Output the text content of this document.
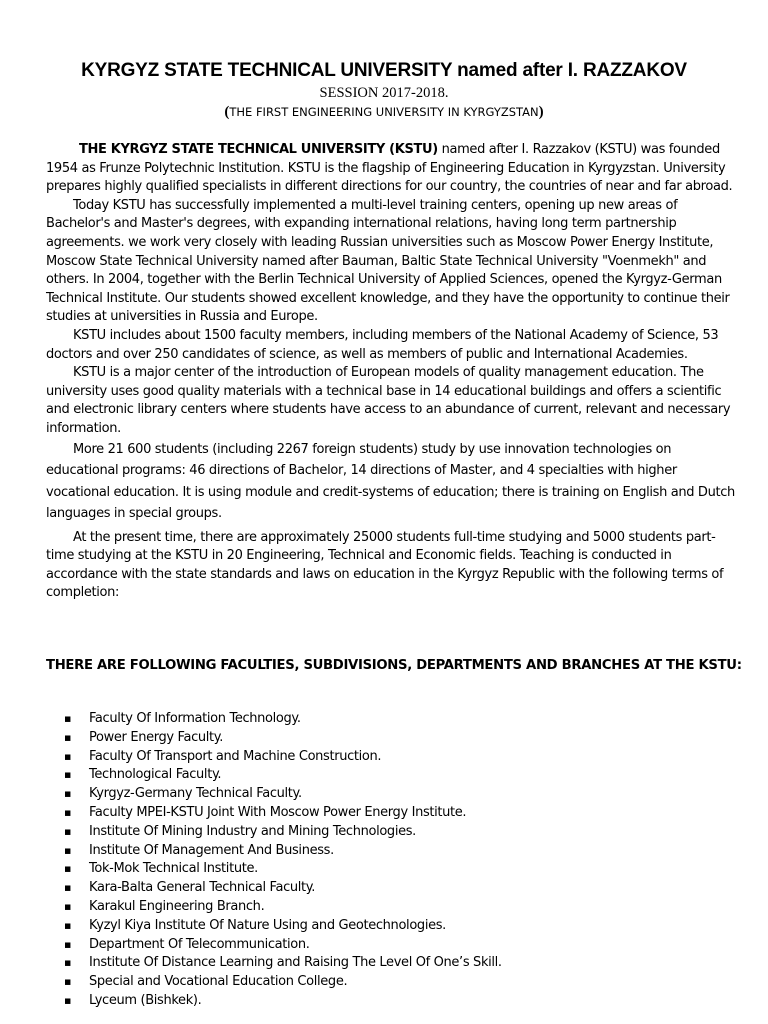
KYRGYZ STATE TECHNICAL UNIVERSITY named after I. RAZZAKOV
SESSION 2017-2018.
(THE FIRST ENGINEERING UNIVERSITY IN KYRGYZSTAN)

THE KYRGYZ STATE TECHNICAL UNIVERSITY (KSTU) named after I. Razzakov (KSTU) was founded 1954 as Frunze Polytechnic Institution. KSTU is the flagship of Engineering Education in Kyrgyzstan. University prepares highly qualified specialists in different directions for our country, the countries of near and far abroad.

Today KSTU has successfully implemented a multi-level training centers, opening up new areas of Bachelor's and Master's degrees, with expanding international relations, having long term partnership agreements. we work very closely with leading Russian universities such as Moscow Power Energy Institute, Moscow State Technical University named after Bauman, Baltic State Technical University "Voenmekh" and others. In 2004, together with the Berlin Technical University of Applied Sciences, opened the Kyrgyz-German Technical Institute. Our students showed excellent knowledge, and they have the opportunity to continue their studies at universities in Russia and Europe.

KSTU includes about 1500 faculty members, including members of the National Academy of Science, 53 doctors and over 250 candidates of science, as well as members of public and International Academies.

KSTU is a major center of the introduction of European models of quality management education. The university uses good quality materials with a technical base in 14 educational buildings and offers a scientific and electronic library centers where students have access to an abundance of current, relevant and necessary information.

More 21 600 students (including 2267 foreign students) study by use innovation technologies on educational programs: 46 directions of Bachelor, 14 directions of Master, and 4 specialties with higher vocational education. It is using module and credit-systems of education; there is training on English and Dutch languages in special groups.

At the present time, there are approximately 25000 students full-time studying and 5000 students part-time studying at the KSTU in 20 Engineering, Technical and Economic fields. Teaching is conducted in accordance with the state standards and laws on education in the Kyrgyz Republic with the following terms of completion:

THERE ARE FOLLOWING FACULTIES, SUBDIVISIONS, DEPARTMENTS AND BRANCHES AT THE KSTU:
▪ Faculty Of Information Technology.
▪ Power Energy Faculty.
▪ Faculty Of Transport and Machine Construction.
▪ Technological Faculty.
▪ Kyrgyz-Germany Technical Faculty.
▪ Faculty MPEI-KSTU Joint With Moscow Power Energy Institute.
▪ Institute Of Mining Industry and Mining Technologies.
▪ Institute Of Management And Business.
▪ Tok-Mok Technical Institute.
▪ Kara-Balta General Technical Faculty.
▪ Karakul Engineering Branch.
▪ Kyzyl Kiya Institute Of Nature Using and Geotechnologies.
▪ Department Of Telecommunication.
▪ Institute Of Distance Learning and Raising The Level Of One’s Skill.
▪ Special and Vocational Education College.
▪ Lyceum (Bishkek).
